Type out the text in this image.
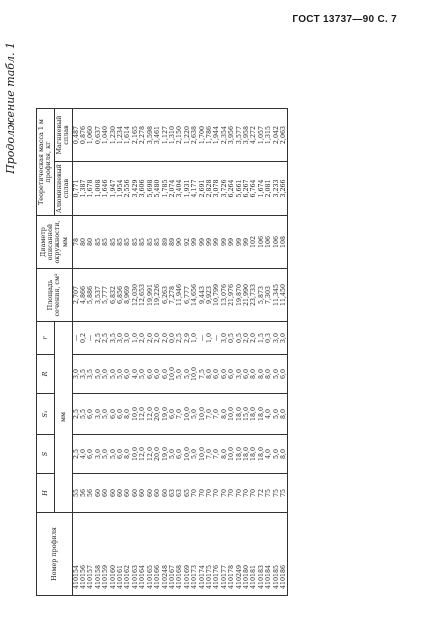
ГОСТ 13737—90 С. 7
Продолжение табл. 1
Номер профиля	H	S	S₁	R	r	Площадь сечения, см²	Диаметр описанной окружности, мм	Теоретическая масса 1 м профиля, кг	
	мм							Алюминиевый сплав	Магниевый сплав
410154	55	2,5	2,5	3,0	—	2,707	78	0,771	0,487
410156	56	4,0	5,5	3,5	0,2	4,866	80	1,387	0,876
410157	56	6,0	6,0	3,5	—	5,886	80	1,678	1,060
410158	60	3,0	3,0	5,0	2,5	3,537	85	1,008	0,637
410159	60	5,0	5,0	5,0	2,5	5,777	85	1,646	1,040
410160	60	5,0	6,0	5,0	3,5	6,832	85	1,947	1,230
410161	60	6,0	6,0	5,0	3,0	6,856	85	1,954	1,234
410162	60	8,0	8,0	6,0	3,0	8,969	85	2,556	1,614
410163	60	10,0	10,0	4,0	1,0	12,030	85	3,429	2,165
410164	60	12,0	12,0	5,0	2,0	12,653	85	3,606	2,278
410165	60	12,0	12,0	6,0	2,0	19,991	85	5,698	3,598
410166	60	20,0	20,0	6,0	2,0	19,226	85	5,480	3,461
410248	60	19,0	19,0	6,0	2,0	6,263	89	1,785	1,127
410167	63	5,0	6,0	10,0	0,0	7,278	89	2,074	1,310
410168	63	6,0	7,0	5,0	2,5	11,946	90	3,404	2,150
410169	65	10,0	10,0	5,0	2,9	6,777	92	1,931	1,220
410173	70	5,0	5,0	10,0	1,0	14,656	99	4,177	2,638
410174	70	10,0	10,0	7,5	—	9,443	99	2,691	1,700
410175	70	7,0	7,0	8,0	1,0	9,923	99	2,828	1,786
410176	70	7,0	7,0	6,0	—	10,799	99	3,078	1,944
410177	70	8,0	8,0	6,0	3,0	13,076	99	3,726	2,354
410178	70	10,0	10,0	6,0	0,5	21,976	99	6,264	3,956
410249	70	18,0	18,0	3,0	0,5	19,870	99	5,661	3,577
410180	70	18,0	15,0	6,0	2,0	21,990	99	6,267	3,958
410181	70	18,0	18,0	8,0	2,0	23,733	102	6,764	4,272
410183	72	18,0	18,0	8,0	1,5	5,873	106	1,674	1,057
410184	75	4,0	4,0	8,0	0,3	7,303	106	2,081	1,315
410185	75	5,0	5,0	5,0	3,0	11,345	106	3,233	2,042
410186	75	8,0	8,0	6,0	3,0	11,450	108	3,266	2,063
